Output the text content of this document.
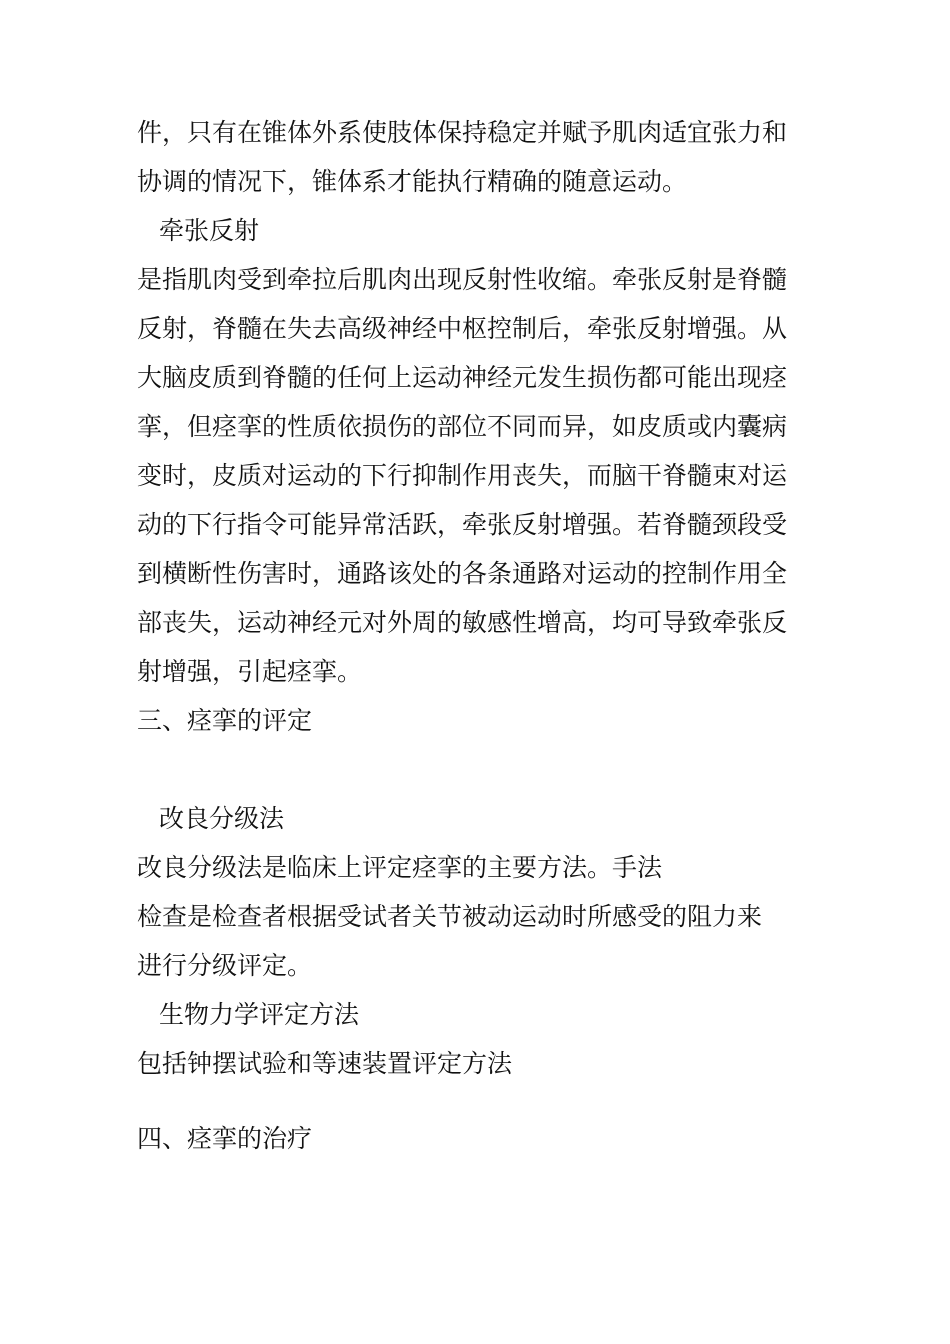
件，只有在锥体外系使肢体保持稳定并赋予肌肉适宜张力和

协调的情况下，锥体系才能执行精确的随意运动。

牵张反射

是指肌肉受到牵拉后肌肉出现反射性收缩。牵张反射是脊髓

反射，脊髓在失去高级神经中枢控制后，牵张反射增强。从

大脑皮质到脊髓的任何上运动神经元发生损伤都可能出现痉

挛，但痉挛的性质依损伤的部位不同而异，如皮质或内囊病

变时，皮质对运动的下行抑制作用丧失，而脑干脊髓束对运

动的下行指令可能异常活跃，牵张反射增强。若脊髓颈段受

到横断性伤害时，通路该处的各条通路对运动的控制作用全

部丧失，运动神经元对外周的敏感性增高，均可导致牵张反

射增强，引起痉挛。

三、痉挛的评定

改良分级法

改良分级法是临床上评定痉挛的主要方法。手法

检查是检查者根据受试者关节被动运动时所感受的阻力来

进行分级评定。

生物力学评定方法

包括钟摆试验和等速装置评定方法

四、痉挛的治疗
